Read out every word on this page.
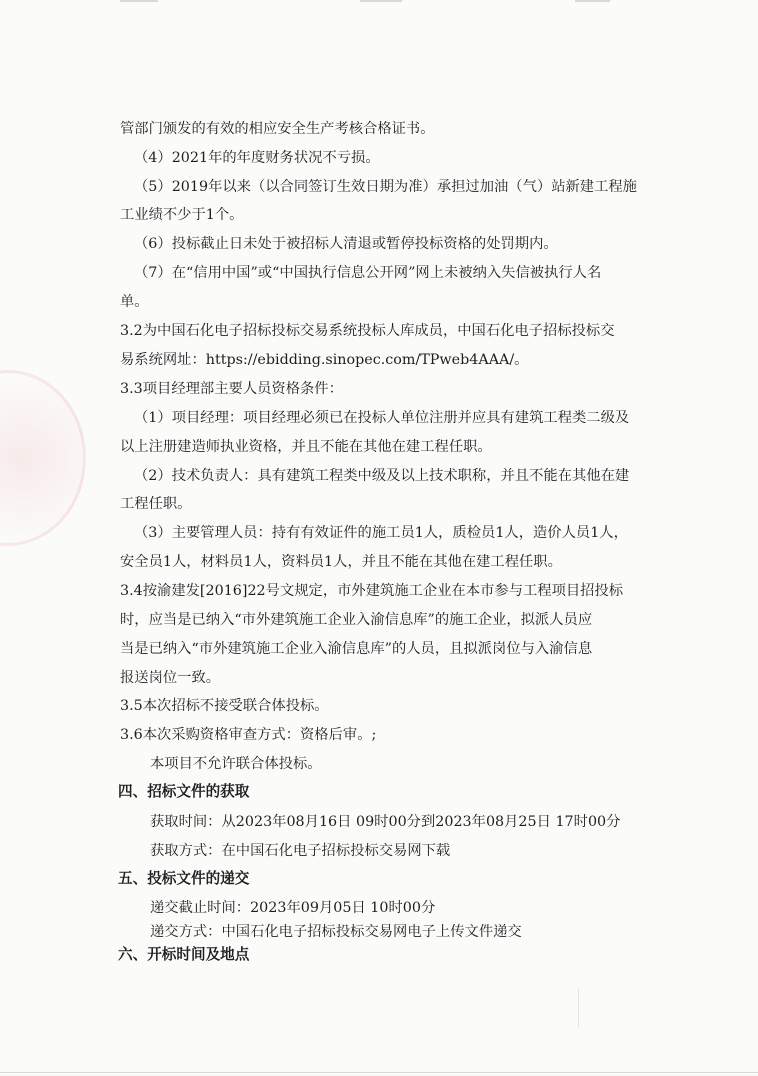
管部门颁发的有效的相应安全生产考核合格证书。
（4）2021年的年度财务状况不亏损。
（5）2019年以来（以合同签订生效日期为准）承担过加油（气）站新建工程施
工业绩不少于1个。
（6）投标截止日未处于被招标人清退或暂停投标资格的处罚期内。
（7）在“信用中国”或“中国执行信息公开网”网上未被纳入失信被执行人名
单。
3.2为中国石化电子招标投标交易系统投标人库成员，中国石化电子招标投标交
易系统网址：https://ebidding.sinopec.com/TPweb4AAA/。
3.3项目经理部主要人员资格条件：
（1）项目经理：项目经理必须已在投标人单位注册并应具有建筑工程类二级及
以上注册建造师执业资格，并且不能在其他在建工程任职。
（2）技术负责人：具有建筑工程类中级及以上技术职称，并且不能在其他在建
工程任职。
（3）主要管理人员：持有有效证件的施工员1人，质检员1人，造价人员1人，
安全员1人，材料员1人，资料员1人，并且不能在其他在建工程任职。
3.4按渝建发[2016]22号文规定，市外建筑施工企业在本市参与工程项目招投标
时，应当是已纳入“市外建筑施工企业入渝信息库”的施工企业，拟派人员应
当是已纳入“市外建筑施工企业入渝信息库”的人员，且拟派岗位与入渝信息
报送岗位一致。
3.5本次招标不接受联合体投标。
3.6本次采购资格审查方式：资格后审。;
本项目不允许联合体投标。
四、招标文件的获取
获取时间：从2023年08月16日 09时00分到2023年08月25日 17时00分
获取方式：在中国石化电子招标投标交易网下载
五、投标文件的递交
递交截止时间：2023年09月05日 10时00分
递交方式：中国石化电子招标投标交易网电子上传文件递交
六、开标时间及地点
